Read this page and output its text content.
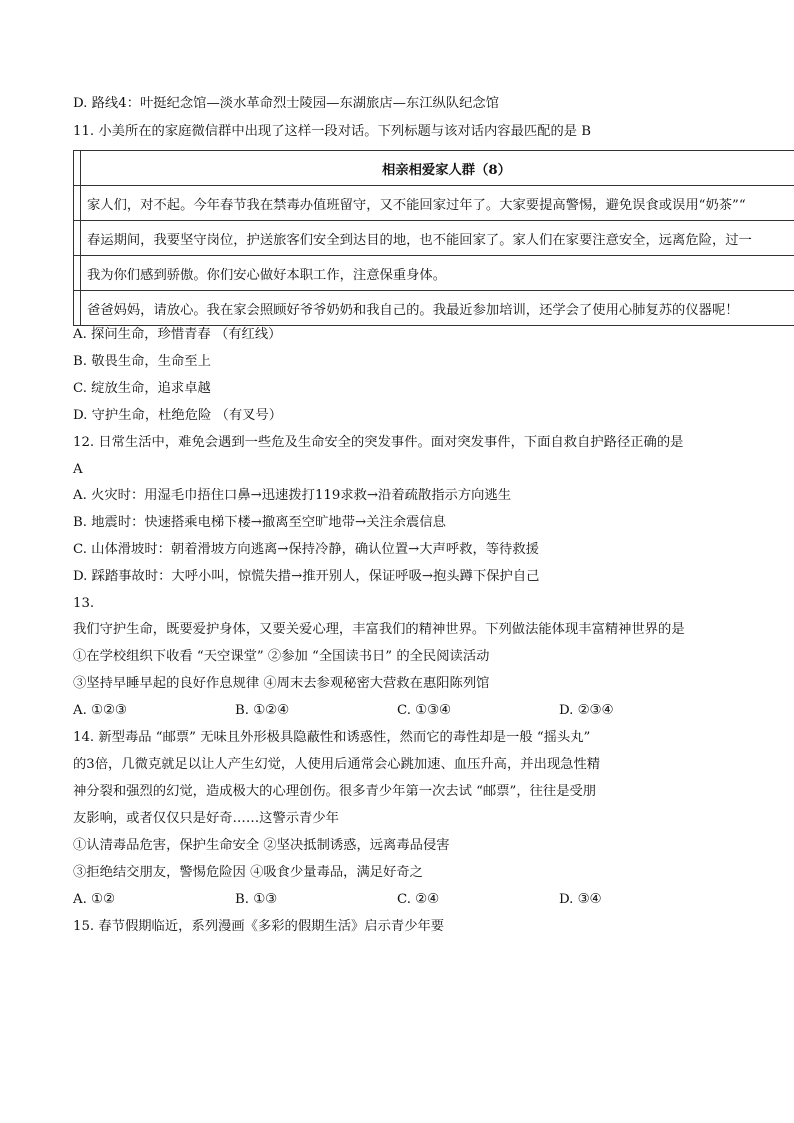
D. 路线4：叶挺纪念馆—淡水革命烈士陵园—东湖旅店—东江纵队纪念馆
11. 小美所在的家庭微信群中出现了这样一段对话。下列标题与该对话内容最匹配的是 B
	相亲相爱家人群（8）
	家人们，对不起。今年春节我在禁毒办值班留守，又不能回家过年了。大家要提高警惕，避免误食或误用“奶茶”“
	春运期间，我要坚守岗位，护送旅客们安全到达目的地，也不能回家了。家人们在家要注意安全，远离危险，过一
	我为你们感到骄傲。你们安心做好本职工作，注意保重身体。
	爸爸妈妈，请放心。我在家会照顾好爷爷奶奶和我自己的。我最近参加培训，还学会了使用心肺复苏的仪器呢！
A. 探问生命，珍惜青春 （有红线）
B. 敬畏生命，生命至上
C. 绽放生命，追求卓越
D. 守护生命，杜绝危险 （有叉号）
12. 日常生活中，难免会遇到一些危及生命安全的突发事件。面对突发事件，下面自救自护路径正确的是
A
A. 火灾时：用湿毛巾捂住口鼻→迅速拨打119求救→沿着疏散指示方向逃生
B. 地震时：快速搭乘电梯下楼→撤离至空旷地带→关注余震信息
C. 山体滑坡时：朝着滑坡方向逃离→保持冷静，确认位置→大声呼救，等待救援
D. 踩踏事故时：大呼小叫，惊慌失措→推开别人，保证呼吸→抱头蹲下保护自己
13.
我们守护生命，既要爱护身体，又要关爱心理，丰富我们的精神世界。下列做法能体现丰富精神世界的是
①在学校组织下收看 “天空课堂” ②参加 “全国读书日” 的全民阅读活动
③坚持早睡早起的良好作息规律 ④周末去参观秘密大营救在惠阳陈列馆
A. ①②③	B. ①②④	C. ①③④	D. ②③④
14. 新型毒品 “邮票” 无味且外形极具隐蔽性和诱惑性，然而它的毒性却是一般 “摇头丸”
的3倍，几微克就足以让人产生幻觉，人使用后通常会心跳加速、血压升高，并出现急性精
神分裂和强烈的幻觉，造成极大的心理创伤。很多青少年第一次去试 “邮票”，往往是受朋
友影响，或者仅仅只是好奇……这警示青少年
①认清毒品危害，保护生命安全 ②坚决抵制诱惑，远离毒品侵害
③拒绝结交朋友，警惕危险因 ④吸食少量毒品，满足好奇之
A. ①②	B. ①③	C. ②④	D. ③④
15. 春节假期临近，系列漫画《多彩的假期生活》启示青少年要
